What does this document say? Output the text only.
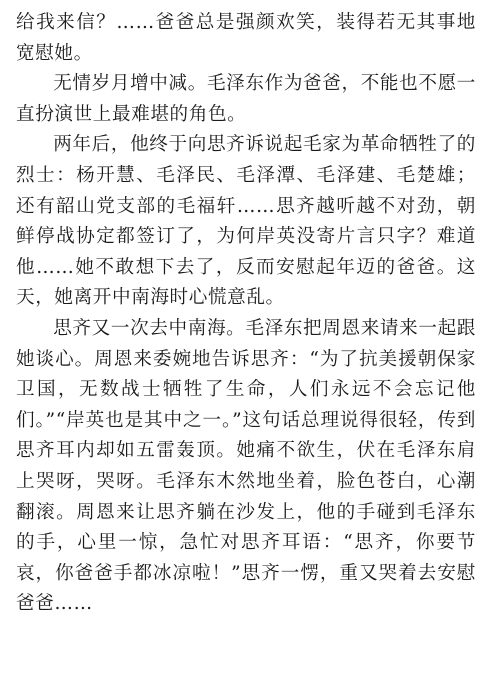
给我来信？……爸爸总是强颜欢笑，装得若无其事地宽慰她。

无情岁月增中减。毛泽东作为爸爸，不能也不愿一直扮演世上最难堪的角色。

两年后，他终于向思齐诉说起毛家为革命牺牲了的烈士：杨开慧、毛泽民、毛泽潭、毛泽建、毛楚雄；还有韶山党支部的毛福轩……思齐越听越不对劲，朝鲜停战协定都签订了，为何岸英没寄片言只字？难道他……她不敢想下去了，反而安慰起年迈的爸爸。这天，她离开中南海时心慌意乱。

思齐又一次去中南海。毛泽东把周恩来请来一起跟她谈心。周恩来委婉地告诉思齐：“为了抗美援朝保家卫国，无数战士牺牲了生命，人们永远不会忘记他们。”“岸英也是其中之一。”这句话总理说得很轻，传到思齐耳内却如五雷轰顶。她痛不欲生，伏在毛泽东肩上哭呀，哭呀。毛泽东木然地坐着，脸色苍白，心潮翻滚。周恩来让思齐躺在沙发上，他的手碰到毛泽东的手，心里一惊，急忙对思齐耳语：“思齐，你要节哀，你爸爸手都冰凉啦！”思齐一愣，重又哭着去安慰爸爸……
